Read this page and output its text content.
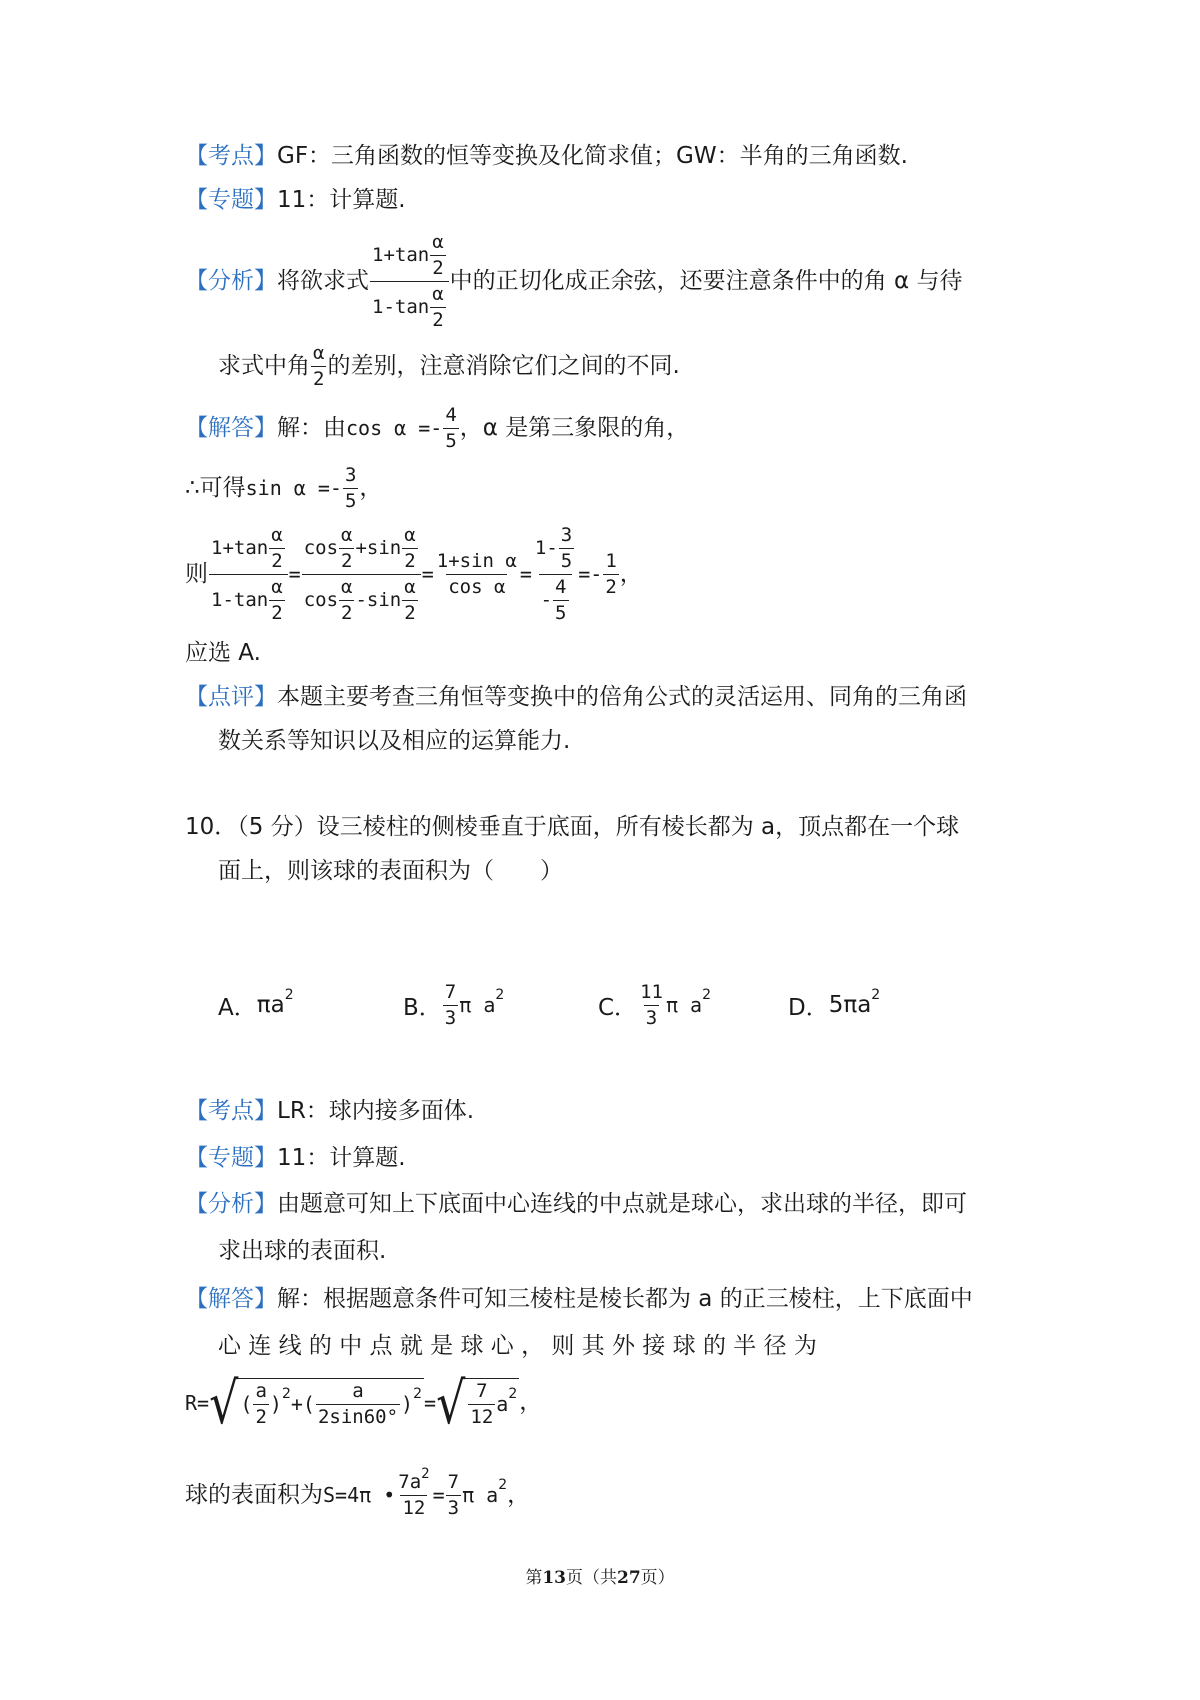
【考点】 GF：三角函数的恒等变换及化简求值；GW：半角的三角函数.
【专题】 11：计算题.
【分析】 将欲求式 $\frac{1+\tan \frac{\alpha}{2}}{1-\tan \frac{\alpha}{2}}$ 中的正切化成正余弦，还要注意条件中的角 α 与待
求式中角 $\frac{\alpha}{2}$ 的差别，注意消除它们之间的不同.
【解答】 解：由 $\cos \alpha =- \frac{4}{5}$ ，α 是第三象限的角，
∴可得 $\sin \alpha =- \frac{3}{5}$ ，
则 $\frac{1+\tan \frac{\alpha}{2}}{1-\tan \frac{\alpha}{2}} = \frac{\cos \frac{\alpha}{2} +\sin \frac{\alpha}{2}}{\cos \frac{\alpha}{2} -\sin \frac{\alpha}{2}} = \frac{\text{1+sin α}}{\text{cos α}} = \frac{1- \frac{3}{5}}{- \frac{4}{5}} =- \frac{1}{2}$ ，
应选 A.
【点评】 本题主要考查三角恒等变换中的倍角公式的灵活运用、同角的三角函
数关系等知识以及相应的运算能力.
10．（5 分）设三棱柱的侧棱垂直于底面，所有棱长都为 a，顶点都在一个球
面上，则该球的表面积为（　　）
A． πa 2	B． $\frac{7}{3}$ π a 2	C． $\frac{11}{3}$ π a 2	D． 5πa 2
【考点】 LR：球内接多面体.
【专题】 11：计算题.
【分析】 由题意可知上下底面中心连线的中点就是球心，求出球的半径，即可
求出球的表面积.
【解答】 解：根据题意条件可知三棱柱是棱长都为 a 的正三棱柱，上下底面中
心 连 线 的 中 点 就 是 球 心 ， 则 其 外 接 球 的 半 径 为
R= √ ( $\frac{a}{2}$ ) 2 + ( $\frac{a}{2\sin 60^\circ}$ ) 2 = √ $\frac{7}{12}$ a 2 ，
球的表面积为 S=4π • $\frac{7a^2}{12} = \frac{7}{3}$ π a 2 ，
第13页（共27页）
